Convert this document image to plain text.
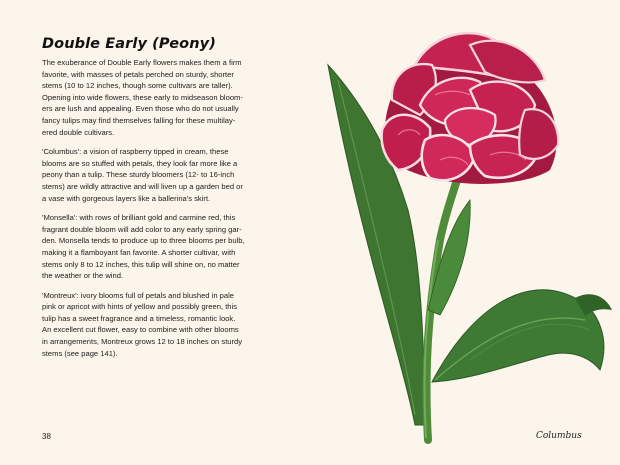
Double Early (Peony)

The exuberance of Double Early flowers makes them a firm
favorite, with masses of petals perched on sturdy, shorter
stems (10 to 12 inches, though some cultivars are taller).
Opening into wide flowers, these early to midseason bloom-
ers are lush and appealing. Even those who do not usually
fancy tulips may find themselves falling for these multilay-
ered double cultivars.

'Columbus': a vision of raspberry tipped in cream, these
blooms are so stuffed with petals, they look far more like a
peony than a tulip. These sturdy bloomers (12- to 16-inch
stems) are wildly attractive and will liven up a garden bed or
a vase with gorgeous layers like a ballerina's skirt.

'Monsella': with rows of brilliant gold and carmine red, this
fragrant double bloom will add color to any early spring gar-
den. Monsella tends to produce up to three blooms per bulb,
making it a flamboyant fan favorite. A shorter cultivar, with
stems only 8 to 12 inches, this tulip will shine on, no matter
the weather or the wind.

'Montreux': ivory blooms full of petals and blushed in pale
pink or apricot with hints of yellow and possibly green, this
tulip has a sweet fragrance and a timeless, romantic look.
An excellent cut flower, easy to combine with other blooms
in arrangements, Montreux grows 12 to 18 inches on sturdy
stems (see page 141).

38	Columbus
